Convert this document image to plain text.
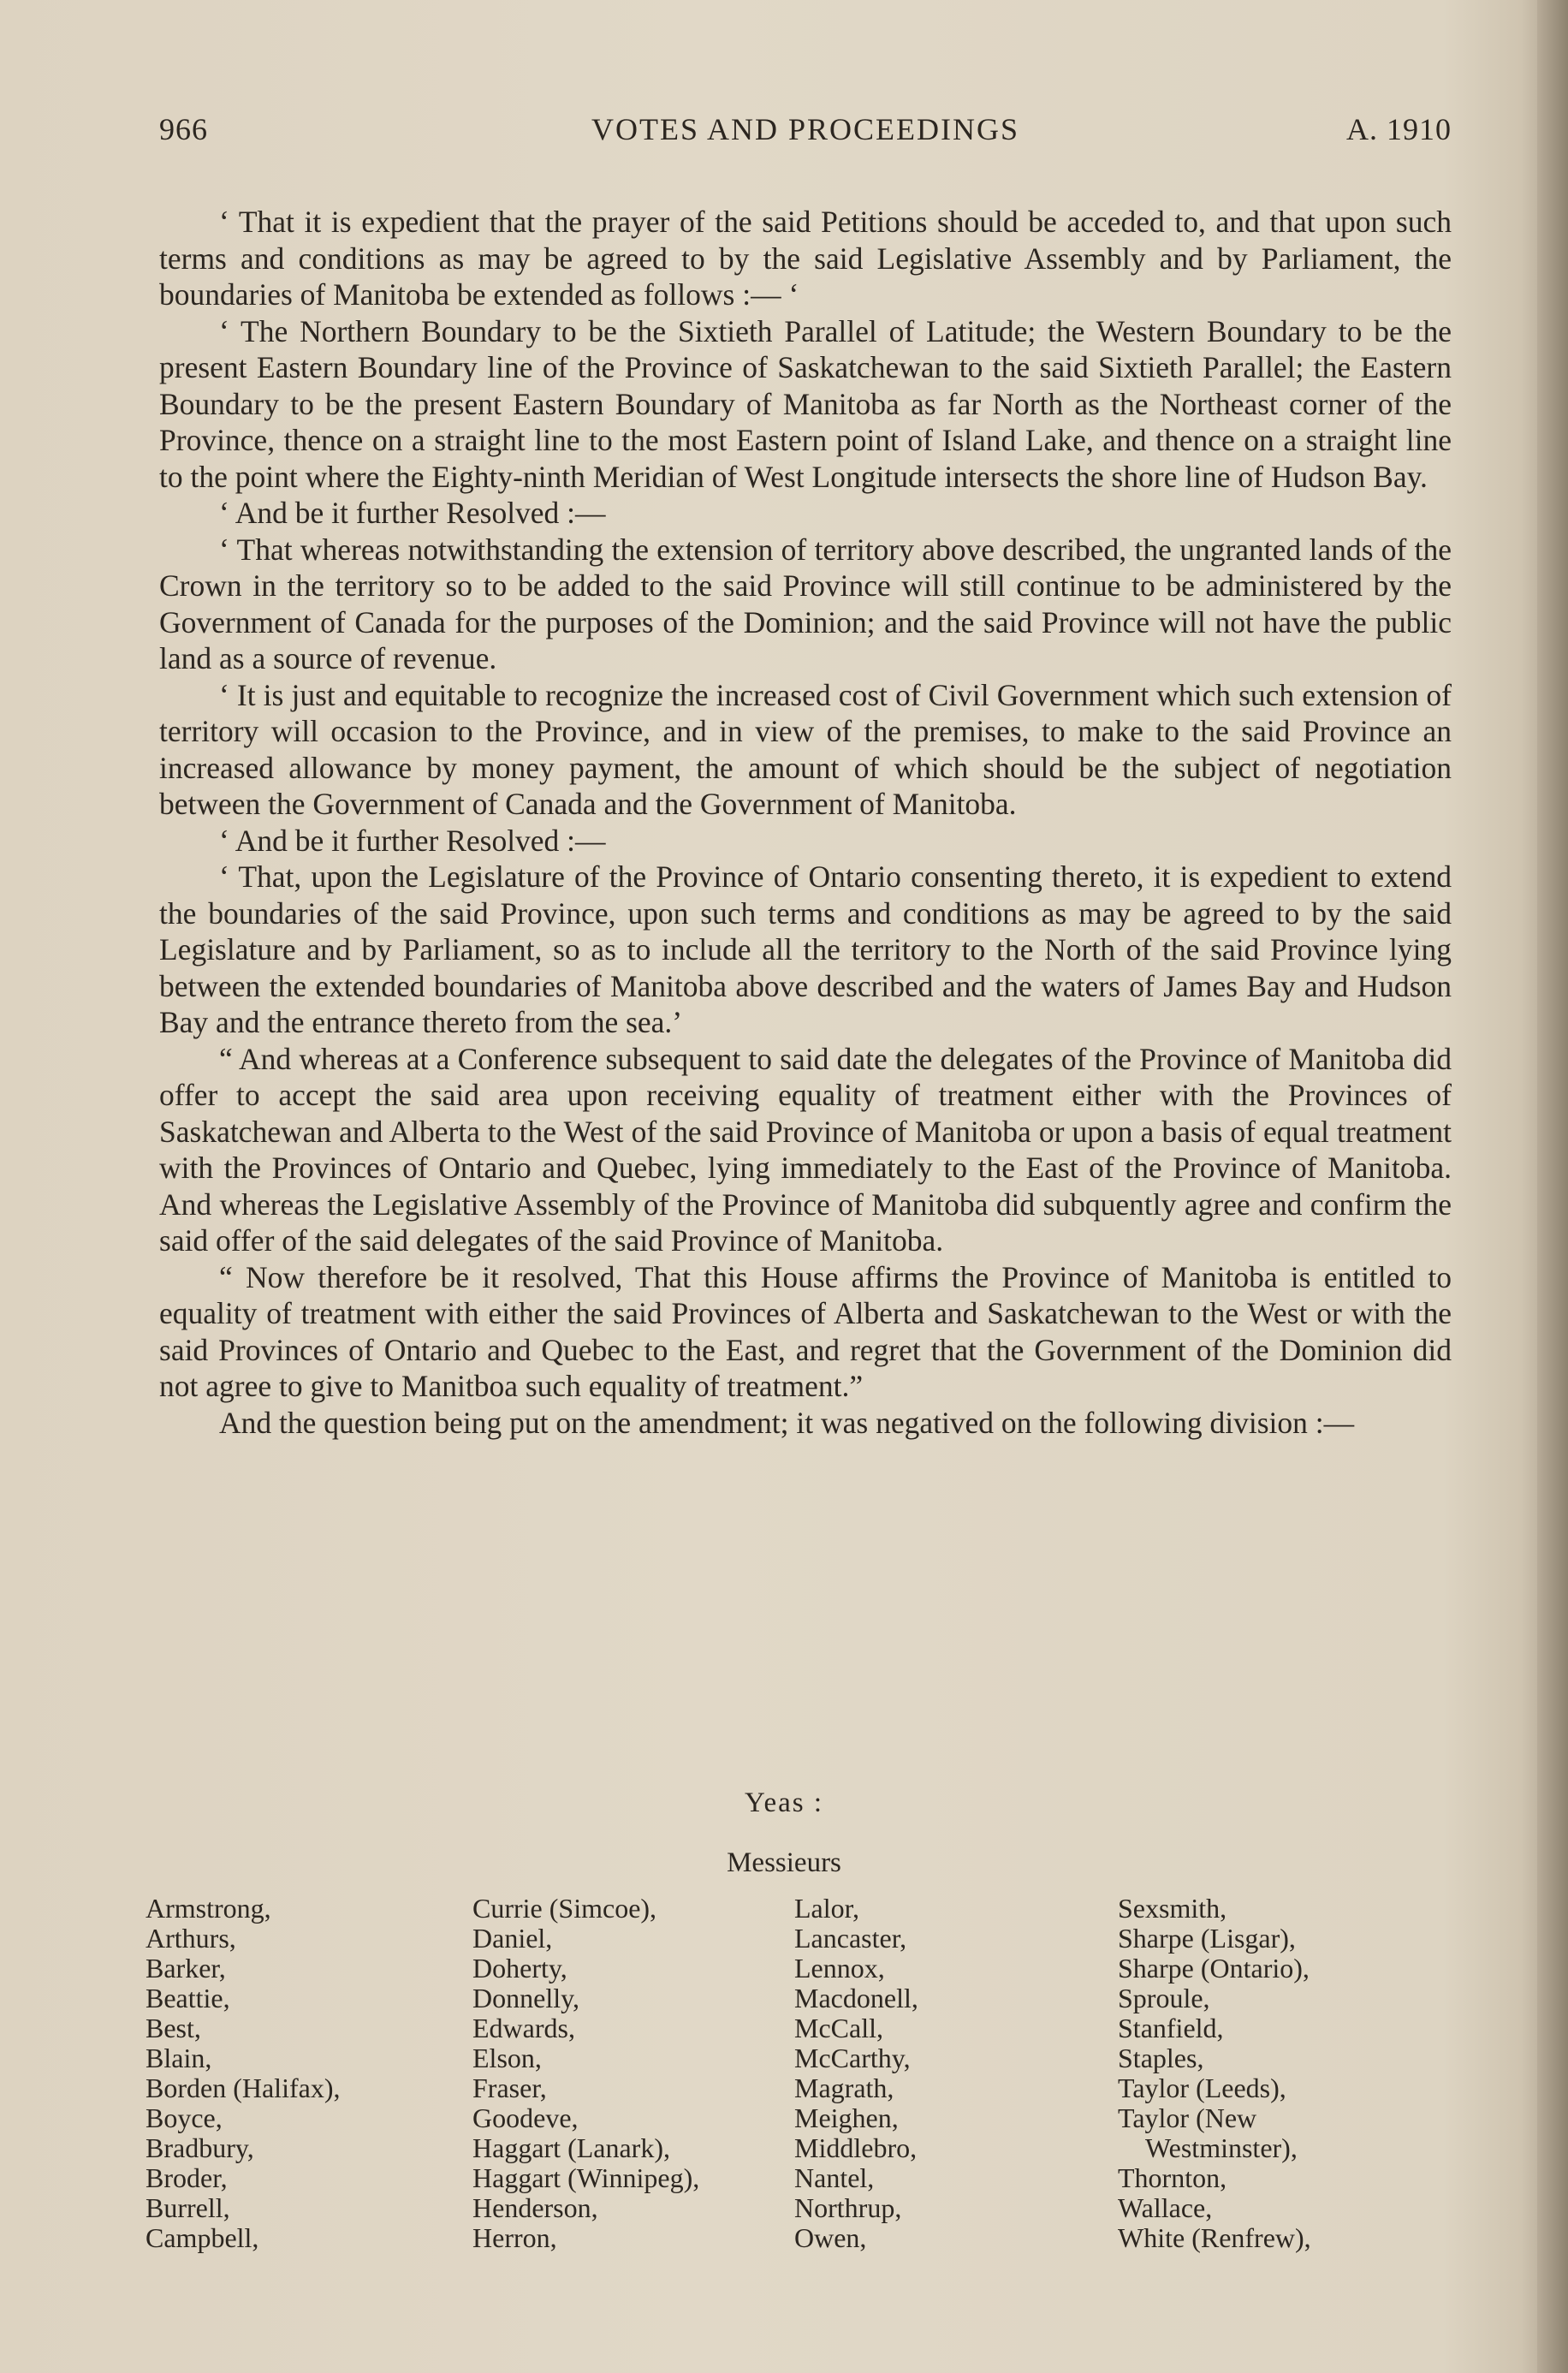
966	VOTES AND PROCEEDINGS	A. 1910

‘ That it is expedient that the prayer of the said Petitions should be acceded to, and that upon such terms and conditions as may be agreed to by the said Legislative Assembly and by Parliament, the boundaries of Manitoba be extended as follows :— ‘

‘ The Northern Boundary to be the Sixtieth Parallel of Latitude; the Western Boundary to be the present Eastern Boundary line of the Province of Saskatchewan to the said Sixtieth Parallel; the Eastern Boundary to be the present Eastern Boundary of Manitoba as far North as the Northeast corner of the Province, thence on a straight line to the most Eastern point of Island Lake, and thence on a straight line to the point where the Eighty-ninth Meridian of West Longitude intersects the shore line of Hudson Bay.

‘ And be it further Resolved :—

‘ That whereas notwithstanding the extension of territory above described, the ungranted lands of the Crown in the territory so to be added to the said Province will still continue to be administered by the Government of Canada for the purposes of the Dominion; and the said Province will not have the public land as a source of revenue.

‘ It is just and equitable to recognize the increased cost of Civil Government which such extension of territory will occasion to the Province, and in view of the premises, to make to the said Province an increased allowance by money payment, the amount of which should be the subject of negotiation between the Government of Canada and the Government of Manitoba.

‘ And be it further Resolved :—

‘ That, upon the Legislature of the Province of Ontario consenting thereto, it is expedient to extend the boundaries of the said Province, upon such terms and conditions as may be agreed to by the said Legislature and by Parliament, so as to include all the territory to the North of the said Province lying between the extended boundaries of Manitoba above described and the waters of James Bay and Hudson Bay and the entrance thereto from the sea.’

“ And whereas at a Conference subsequent to said date the delegates of the Province of Manitoba did offer to accept the said area upon receiving equality of treatment either with the Provinces of Saskatchewan and Alberta to the West of the said Province of Manitoba or upon a basis of equal treatment with the Provinces of Ontario and Quebec, lying immediately to the East of the Province of Manitoba. And whereas the Legislative Assembly of the Province of Manitoba did subquently agree and confirm the said offer of the said delegates of the said Province of Manitoba.

“ Now therefore be it resolved, That this House affirms the Province of Manitoba is entitled to equality of treatment with either the said Provinces of Alberta and Saskatchewan to the West or with the said Provinces of Ontario and Quebec to the East, and regret that the Government of the Dominion did not agree to give to Manitboa such equality of treatment.”

And the question being put on the amendment; it was negatived on the following division :—

Yeas :
Messieurs
Armstrong,
Arthurs,
Barker,
Beattie,
Best,
Blain,
Borden (Halifax),
Boyce,
Bradbury,
Broder,
Burrell,
Campbell,
Currie (Simcoe),
Daniel,
Doherty,
Donnelly,
Edwards,
Elson,
Fraser,
Goodeve,
Haggart (Lanark),
Haggart (Winnipeg),
Henderson,
Herron,
Lalor,
Lancaster,
Lennox,
Macdonell,
McCall,
McCarthy,
Magrath,
Meighen,
Middlebro,
Nantel,
Northrup,
Owen,
Sexsmith,
Sharpe (Lisgar),
Sharpe (Ontario),
Sproule,
Stanfield,
Staples,
Taylor (Leeds),
Taylor (New
Westminster),
Thornton,
Wallace,
White (Renfrew),
